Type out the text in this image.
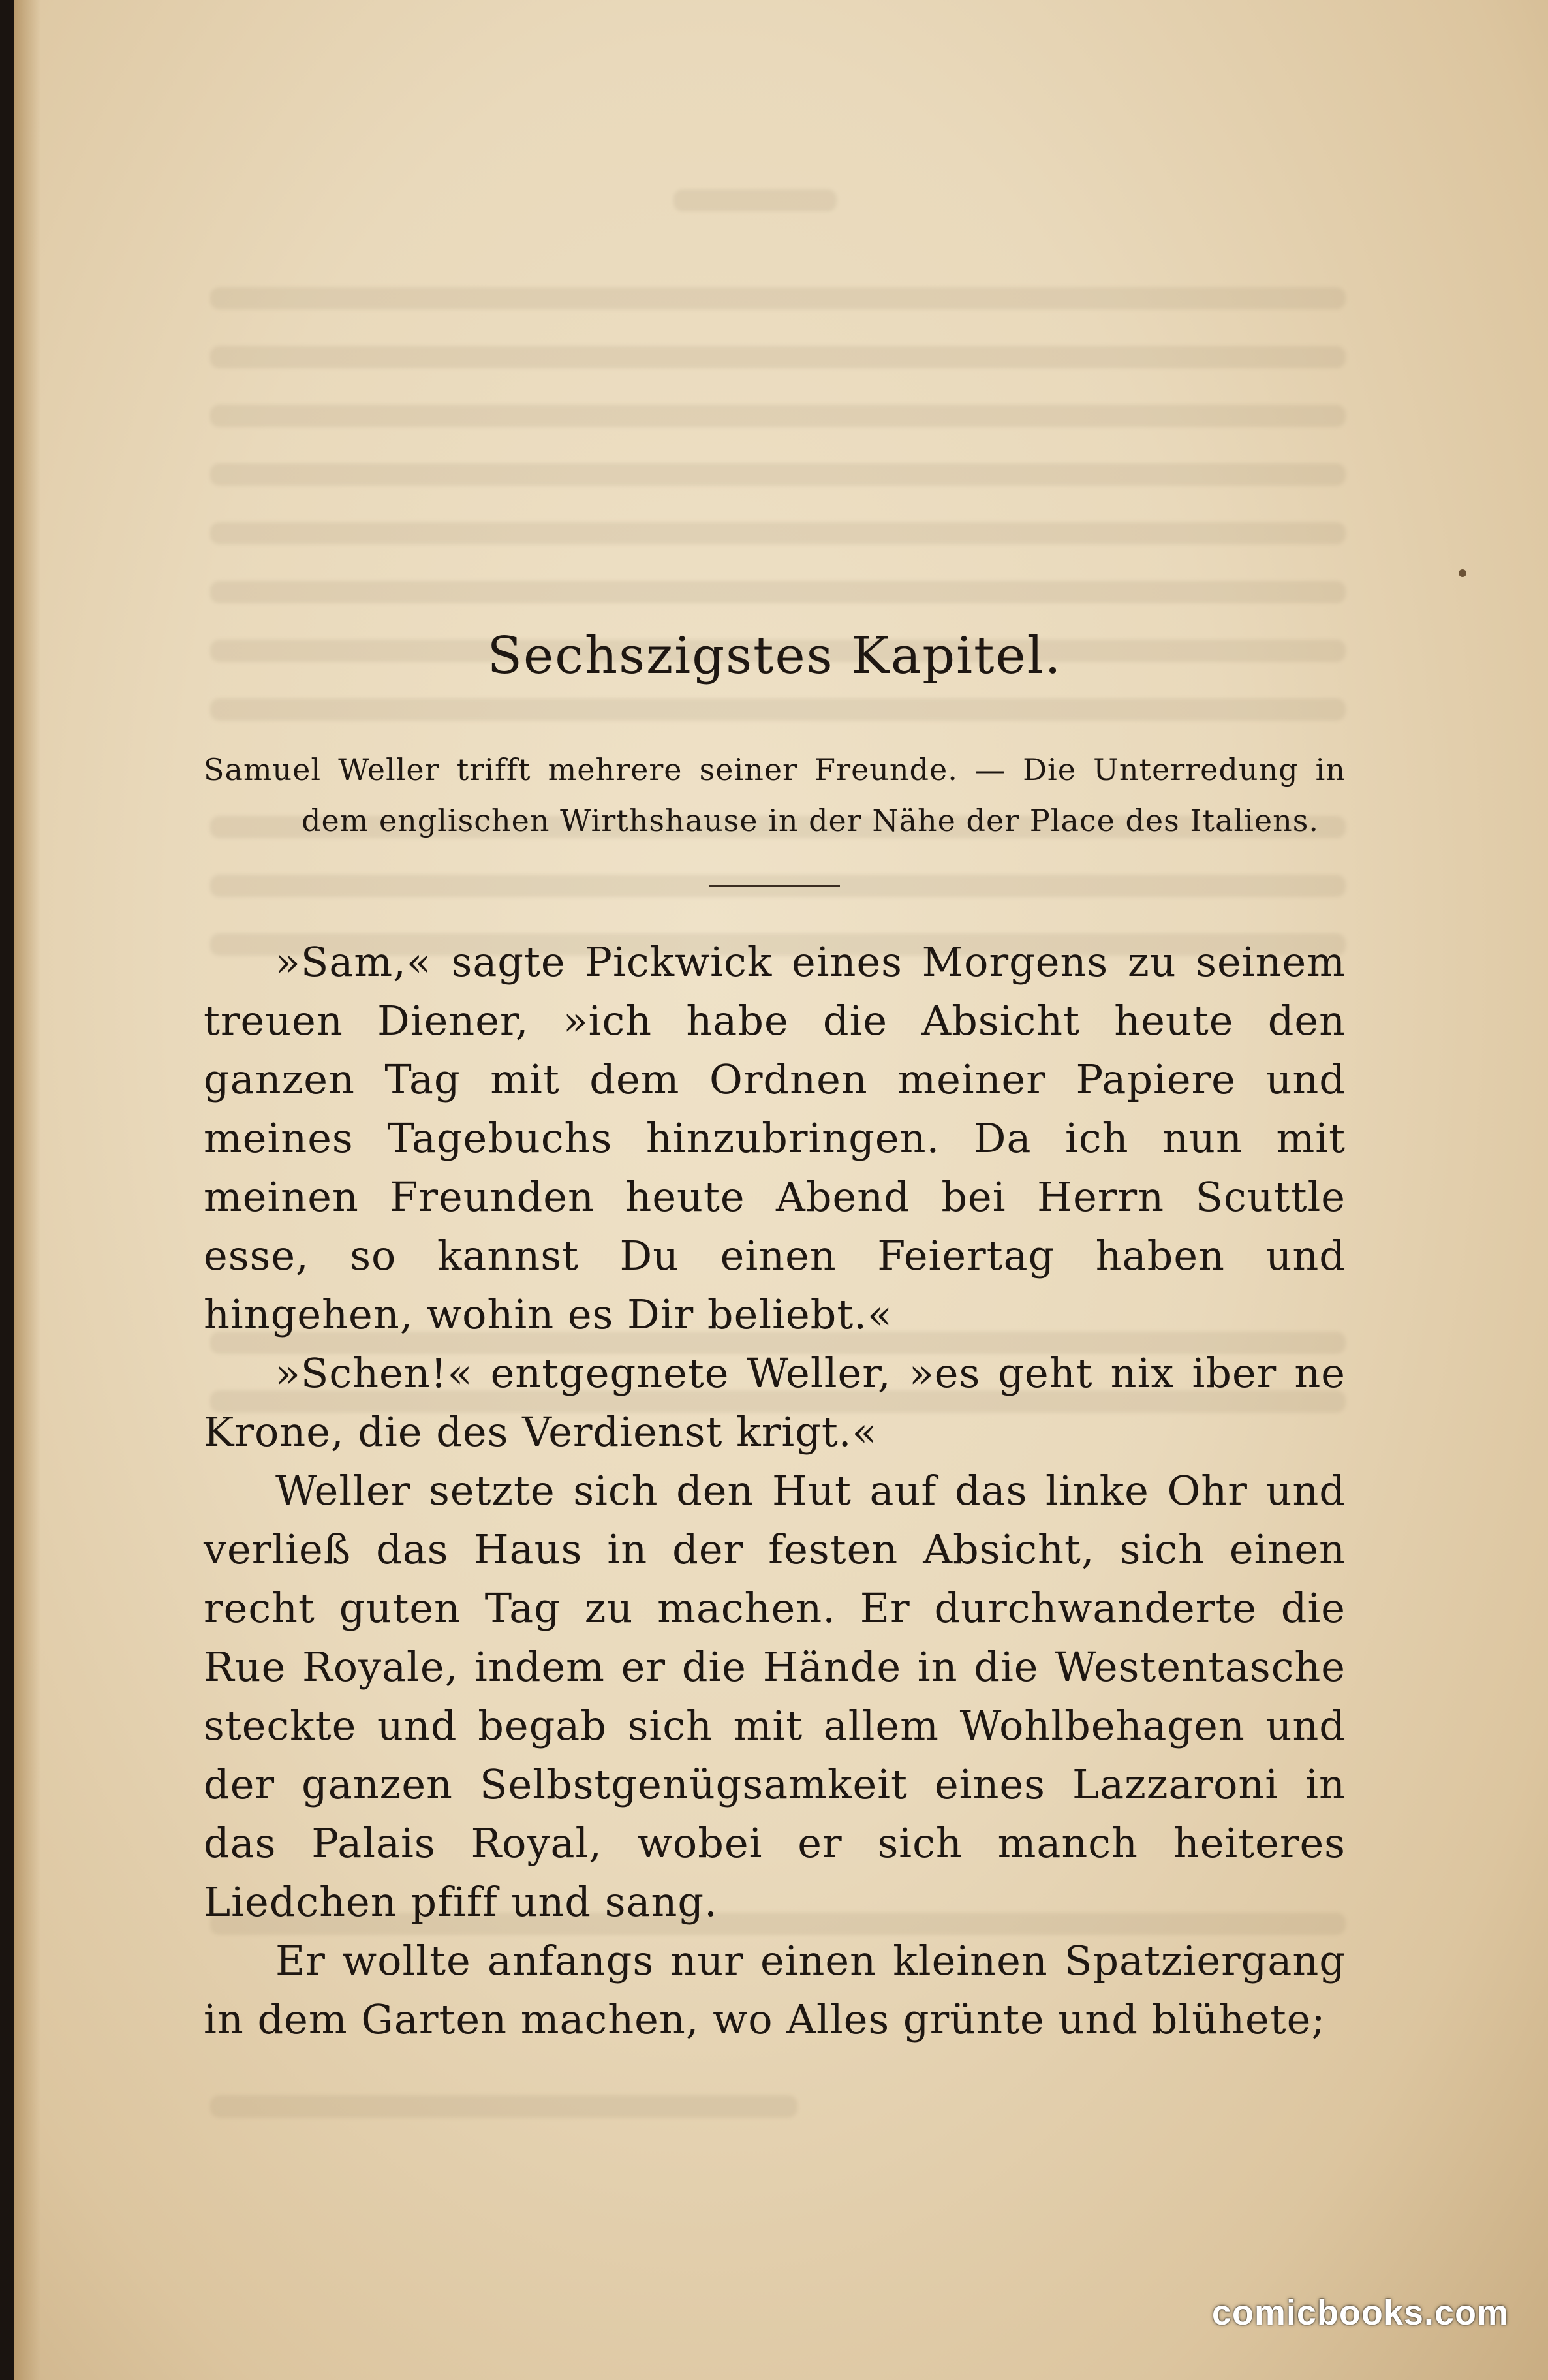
Sechszigstes Kapitel.

Samuel Weller trifft mehrere seiner Freunde. — Die Unterredung in dem englischen Wirthshause in der Nähe der Place des Italiens.

»Sam,« sagte Pickwick eines Morgens zu seinem treuen Diener, »ich habe die Absicht heute den ganzen Tag mit dem Ordnen meiner Papiere und meines Tagebuchs hinzubringen. Da ich nun mit meinen Freunden heute Abend bei Herrn Scuttle esse, so kannst Du einen Feiertag haben und hingehen, wohin es Dir beliebt.«

»Schen!« entgegnete Weller, »es geht nix iber ne Krone, die des Verdienst krigt.«

Weller setzte sich den Hut auf das linke Ohr und verließ das Haus in der festen Absicht, sich einen recht guten Tag zu machen. Er durchwanderte die Rue Royale, indem er die Hände in die Westentasche steckte und begab sich mit allem Wohlbehagen und der ganzen Selbstgenügsamkeit eines Lazzaroni in das Palais Royal, wobei er sich manch heiteres Liedchen pfiff und sang.

Er wollte anfangs nur einen kleinen Spatziergang in dem Garten machen, wo Alles grünte und blühete;

comicbooks.com
